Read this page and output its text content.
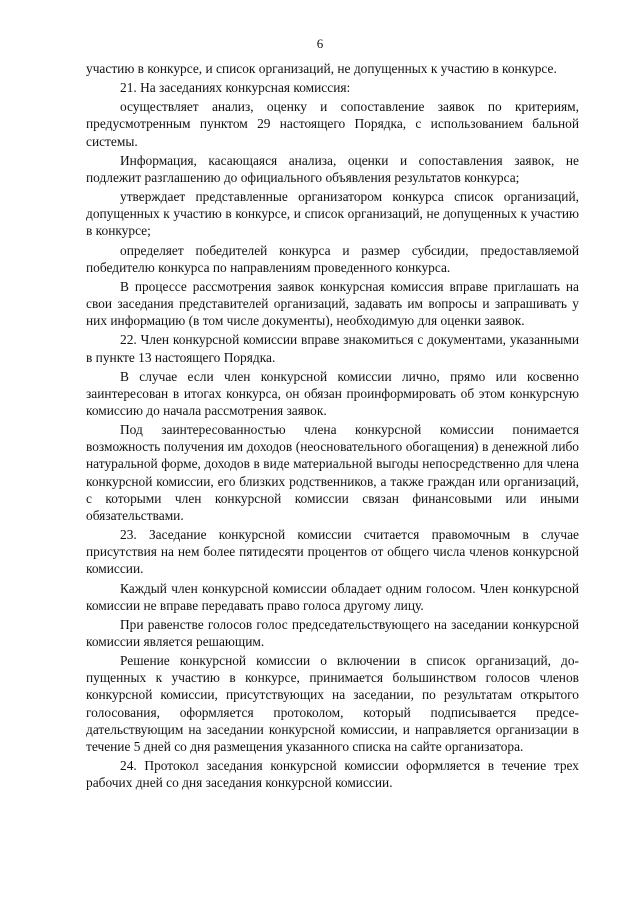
6

участию в конкурсе, и список организаций, не допущенных к участию в конкурсе.

21. На заседаниях конкурсная комиссия:

осуществляет анализ, оценку и сопоставление заявок по критериям, предусмотренным пунктом 29 настоящего Порядка, с использованием бальной системы.

Информация, касающаяся анализа, оценки и сопоставления заявок, не подлежит разглашению до официального объявления результатов конкурса;

утверждает представленные организатором конкурса список организаций, допущенных к участию в конкурсе, и список организаций, не допущенных к участию в конкурсе;

определяет победителей конкурса и размер субсидии, предоставляемой победителю конкурса по направлениям проведенного конкурса.

В процессе рассмотрения заявок конкурсная комиссия вправе приглашать на свои заседания представителей организаций, задавать им вопросы и запрашивать у них информацию (в том числе документы), необходимую для оценки заявок.

22. Член конкурсной комиссии вправе знакомиться с документами, указанными в пункте 13 настоящего Порядка.

В случае если член конкурсной комиссии лично, прямо или косвенно заинтересован в итогах конкурса, он обязан проинформировать об этом конкурсную комиссию до начала рассмотрения заявок.

Под заинтересованностью члена конкурсной комиссии понимается возможность получения им доходов (неосновательного обогащения) в денежной либо натуральной форме, доходов в виде материальной выгоды непосредственно для члена конкурсной комиссии, его близких родственников, а также граждан или организаций, с которыми член конкурсной комиссии связан финансовыми или иными обязательствами.

23. Заседание конкурсной комиссии считается правомочным в случае присутствия на нем более пятидесяти процентов от общего числа членов конкурсной комиссии.

Каждый член конкурсной комиссии обладает одним голосом. Член конкурсной комиссии не вправе передавать право голоса другому лицу.

При равенстве голосов голос председательствующего на заседании конкурсной комиссии является решающим.

Решение конкурсной комиссии о включении в список организаций, допущенных к участию в конкурсе, принимается большинством голосов членов конкурсной комиссии, присутствующих на заседании, по результатам открытого голосования, оформляется протоколом, который подписывается председательствующим на заседании конкурсной комиссии, и направляется организации в течение 5 дней со дня размещения указанного списка на сайте организатора.

24. Протокол заседания конкурсной комиссии оформляется в течение трех рабочих дней со дня заседания конкурсной комиссии.
